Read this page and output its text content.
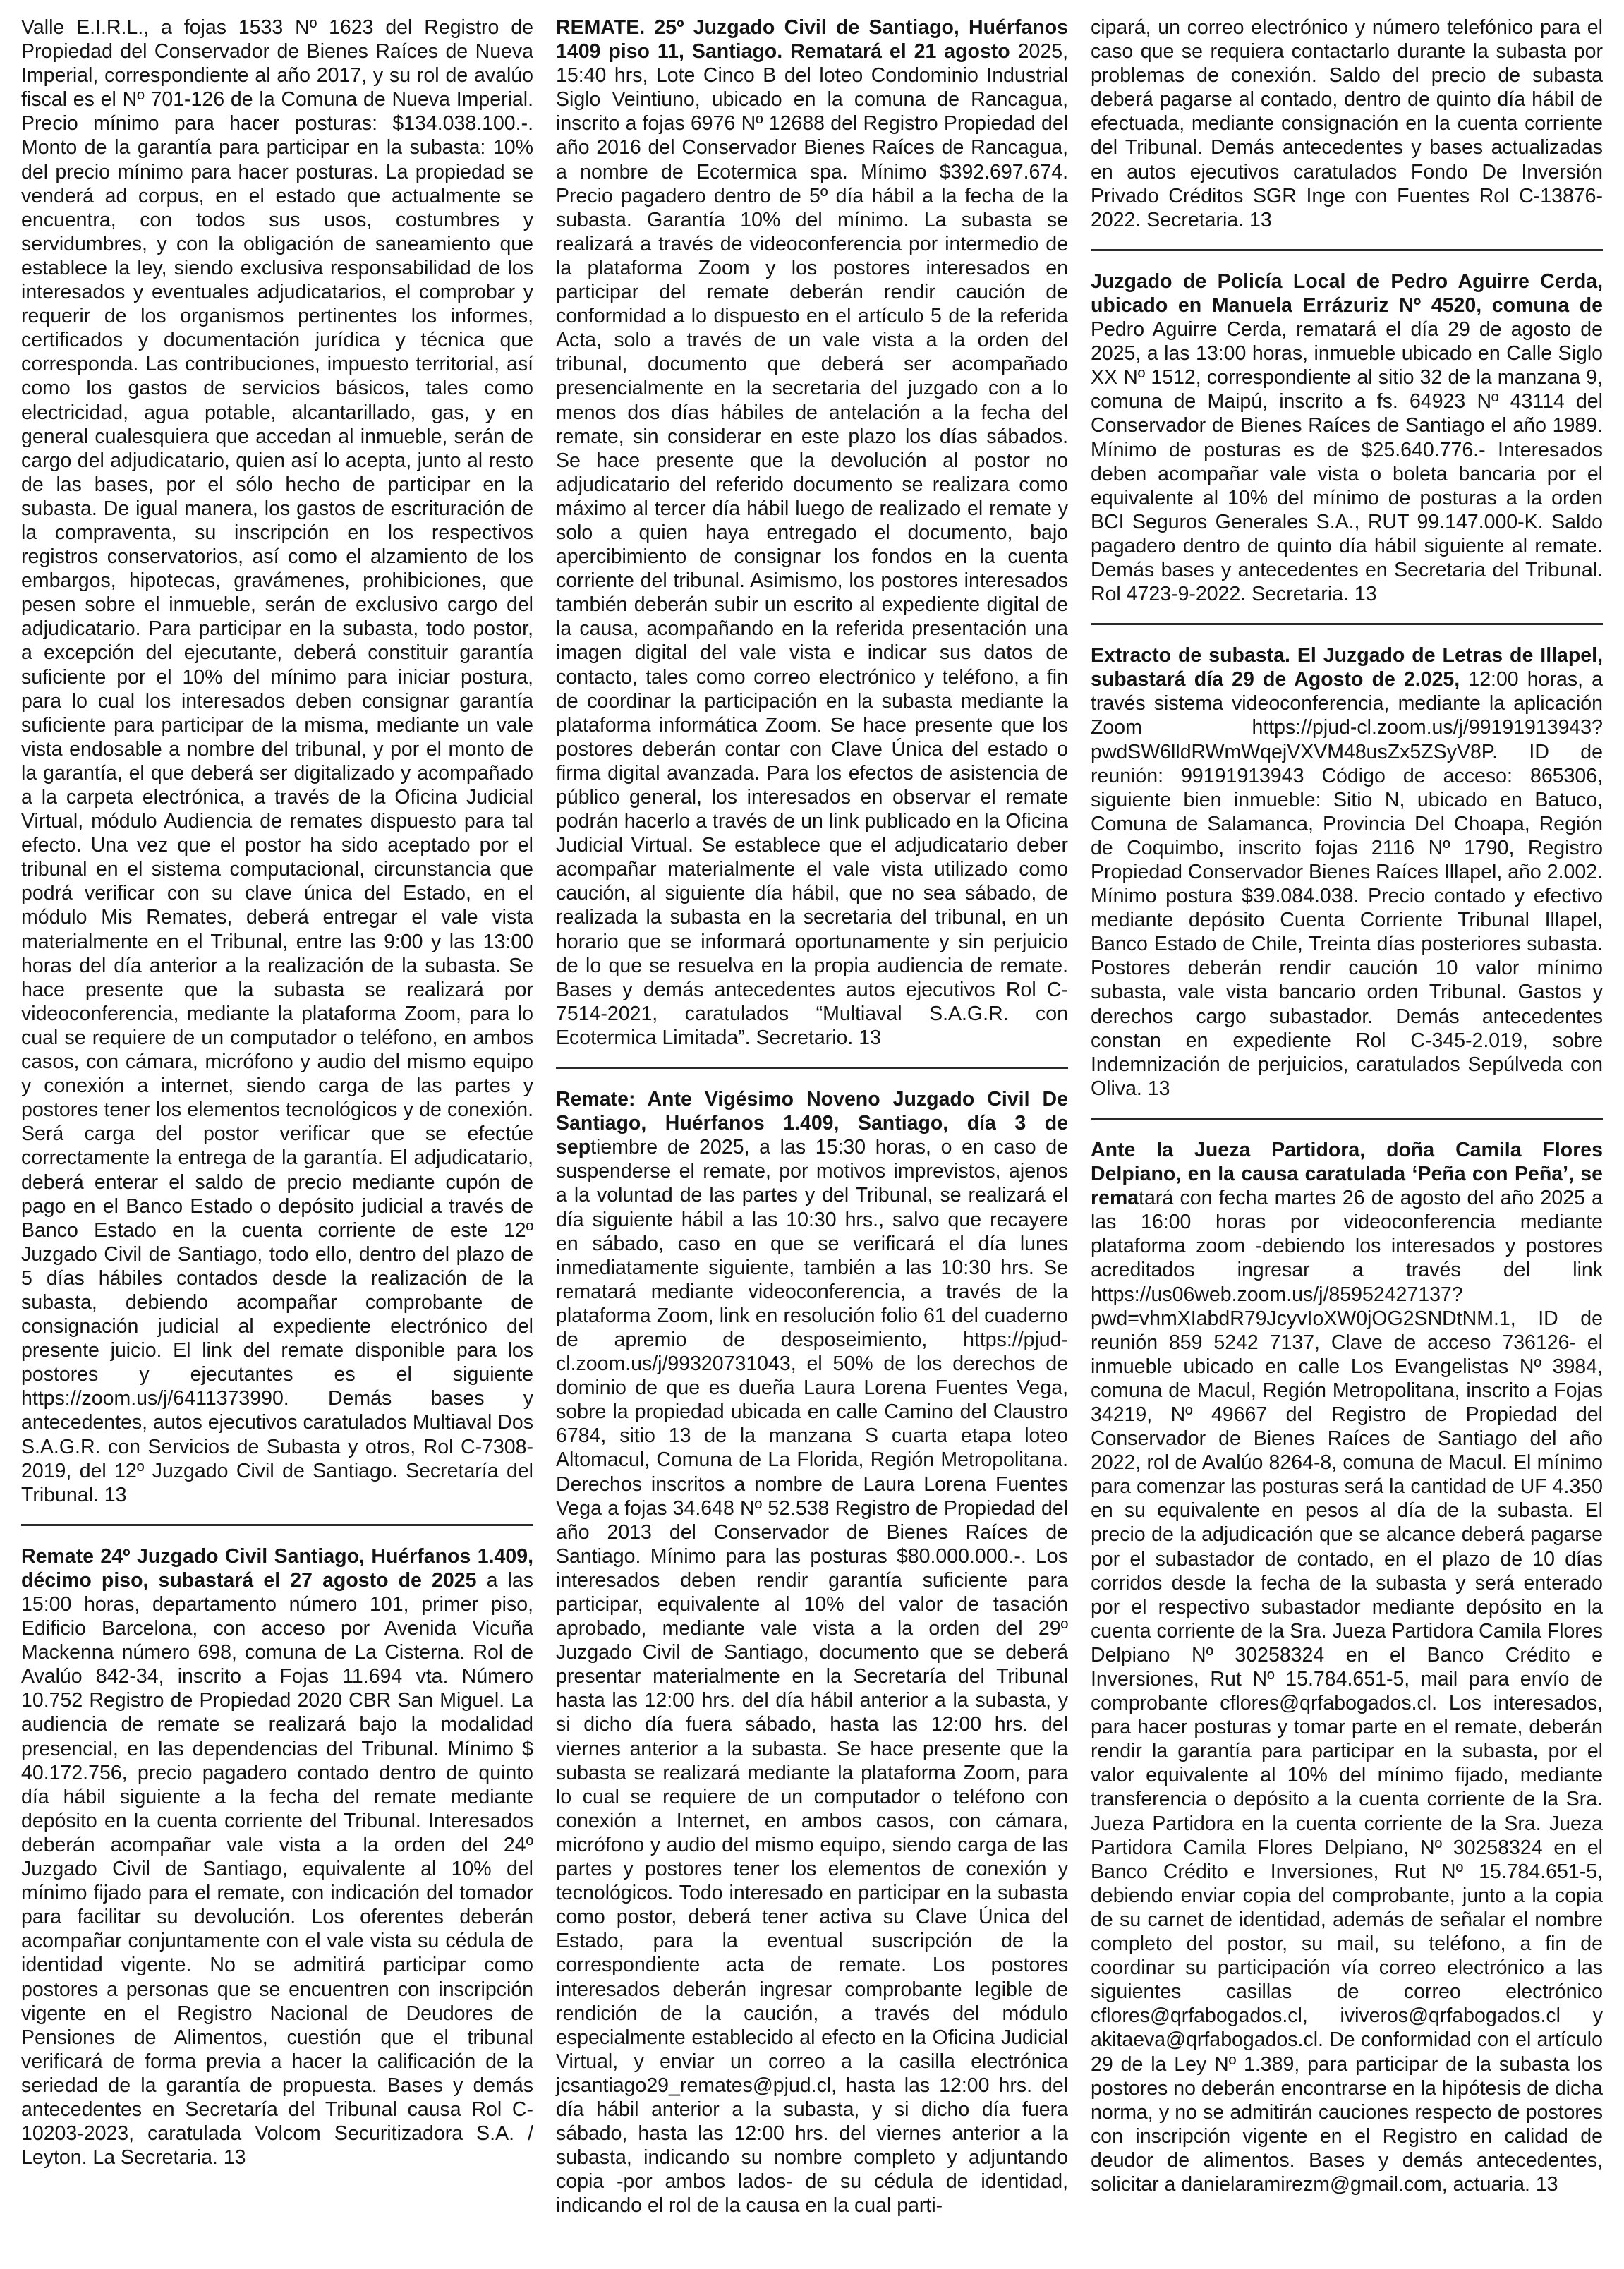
Valle E.I.R.L., a fojas 1533 Nº 1623 del Registro de Propiedad del Conservador de Bienes Raíces de Nueva Imperial, correspondiente al año 2017, y su rol de avalúo fiscal es el Nº 701-126 de la Comuna de Nueva Imperial. Precio mínimo para hacer posturas: $134.038.100.-. Monto de la garantía para participar en la subasta: 10% del precio mínimo para hacer posturas. La propiedad se venderá ad corpus, en el estado que actualmente se encuentra, con todos sus usos, costumbres y servidumbres, y con la obligación de saneamiento que establece la ley, siendo exclusiva responsabilidad de los interesados y eventuales adjudicatarios, el comprobar y requerir de los organismos pertinentes los informes, certificados y documentación jurídica y técnica que corresponda. Las contribuciones, impuesto territorial, así como los gastos de servicios básicos, tales como electricidad, agua potable, alcantarillado, gas, y en general cualesquiera que accedan al inmueble, serán de cargo del adjudicatario, quien así lo acepta, junto al resto de las bases, por el sólo hecho de participar en la subasta. De igual manera, los gastos de escrituración de la compraventa, su inscripción en los respectivos registros conservatorios, así como el alzamiento de los embargos, hipotecas, gravámenes, prohibiciones, que pesen sobre el inmueble, serán de exclusivo cargo del adjudicatario. Para participar en la subasta, todo postor, a excepción del ejecutante, deberá constituir garantía suficiente por el 10% del mínimo para iniciar postura, para lo cual los interesados deben consignar garantía suficiente para participar de la misma, mediante un vale vista endosable a nombre del tribunal, y por el monto de la garantía, el que deberá ser digitalizado y acompañado a la carpeta electrónica, a través de la Oficina Judicial Virtual, módulo Audiencia de remates dispuesto para tal efecto. Una vez que el postor ha sido aceptado por el tribunal en el sistema computacional, circunstancia que podrá verificar con su clave única del Estado, en el módulo Mis Remates, deberá entregar el vale vista materialmente en el Tribunal, entre las 9:00 y las 13:00 horas del día anterior a la realización de la subasta. Se hace presente que la subasta se realizará por videoconferencia, mediante la plataforma Zoom, para lo cual se requiere de un computador o teléfono, en ambos casos, con cámara, micrófono y audio del mismo equipo y conexión a internet, siendo carga de las partes y postores tener los elementos tecnológicos y de conexión. Será carga del postor verificar que se efectúe correctamente la entrega de la garantía. El adjudicatario, deberá enterar el saldo de precio mediante cupón de pago en el Banco Estado o depósito judicial a través de Banco Estado en la cuenta corriente de este 12º Juzgado Civil de Santiago, todo ello, dentro del plazo de 5 días hábiles contados desde la realización de la subasta, debiendo acompañar comprobante de consignación judicial al expediente electrónico del presente juicio. El link del remate disponible para los postores y ejecutantes es el siguiente https://zoom.us/j/6411373990. Demás bases y antecedentes, autos ejecutivos caratulados Multiaval Dos S.A.G.R. con Servicios de Subasta y otros, Rol C-7308-2019, del 12º Juzgado Civil de Santiago. Secretaría del Tribunal. 13

Remate 24º Juzgado Civil Santiago, Huérfanos 1.409, décimo piso, subastará el 27 agosto de 2025 a las 15:00 horas, departamento número 101, primer piso, Edificio Barcelona, con acceso por Avenida Vicuña Mackenna número 698, comuna de La Cisterna. Rol de Avalúo 842-34, inscrito a Fojas 11.694 vta. Número 10.752 Registro de Propiedad 2020 CBR San Miguel. La audiencia de remate se realizará bajo la modalidad presencial, en las dependencias del Tribunal. Mínimo $ 40.172.756, precio pagadero contado dentro de quinto día hábil siguiente a la fecha del remate mediante depósito en la cuenta corriente del Tribunal. Interesados deberán acompañar vale vista a la orden del 24º Juzgado Civil de Santiago, equivalente al 10% del mínimo fijado para el remate, con indicación del tomador para facilitar su devolución. Los oferentes deberán acompañar conjuntamente con el vale vista su cédula de identidad vigente. No se admitirá participar como postores a personas que se encuentren con inscripción vigente en el Registro Nacional de Deudores de Pensiones de Alimentos, cuestión que el tribunal verificará de forma previa a hacer la calificación de la seriedad de la garantía de propuesta. Bases y demás antecedentes en Secretaría del Tribunal causa Rol C-10203-2023, caratulada Volcom Securitizadora S.A. / Leyton. La Secretaria. 13

REMATE. 25º Juzgado Civil de Santiago, Huérfanos 1409 piso 11, Santiago. Rematará el 21 agosto 2025, 15:40 hrs, Lote Cinco B del loteo Condominio Industrial Siglo Veintiuno, ubicado en la comuna de Rancagua, inscrito a fojas 6976 Nº 12688 del Registro Propiedad del año 2016 del Conservador Bienes Raíces de Rancagua, a nombre de Ecotermica spa. Mínimo $392.697.674. Precio pagadero dentro de 5º día hábil a la fecha de la subasta. Garantía 10% del mínimo. La subasta se realizará a través de videoconferencia por intermedio de la plataforma Zoom y los postores interesados en participar del remate deberán rendir caución de conformidad a lo dispuesto en el artículo 5 de la referida Acta, solo a través de un vale vista a la orden del tribunal, documento que deberá ser acompañado presencialmente en la secretaria del juzgado con a lo menos dos días hábiles de antelación a la fecha del remate, sin considerar en este plazo los días sábados. Se hace presente que la devolución al postor no adjudicatario del referido documento se realizara como máximo al tercer día hábil luego de realizado el remate y solo a quien haya entregado el documento, bajo apercibimiento de consignar los fondos en la cuenta corriente del tribunal. Asimismo, los postores interesados también deberán subir un escrito al expediente digital de la causa, acompañando en la referida presentación una imagen digital del vale vista e indicar sus datos de contacto, tales como correo electrónico y teléfono, a fin de coordinar la participación en la subasta mediante la plataforma informática Zoom. Se hace presente que los postores deberán contar con Clave Única del estado o firma digital avanzada. Para los efectos de asistencia de público general, los interesados en observar el remate podrán hacerlo a través de un link publicado en la Oficina Judicial Virtual. Se establece que el adjudicatario deber acompañar materialmente el vale vista utilizado como caución, al siguiente día hábil, que no sea sábado, de realizada la subasta en la secretaria del tribunal, en un horario que se informará oportunamente y sin perjuicio de lo que se resuelva en la propia audiencia de remate. Bases y demás antecedentes autos ejecutivos Rol C-7514-2021, caratulados “Multiaval S.A.G.R. con Ecotermica Limitada”. Secretario. 13

Remate: Ante Vigésimo Noveno Juzgado Civil De Santiago, Huérfanos 1.409, Santiago, día 3 de septiembre de 2025, a las 15:30 horas, o en caso de suspenderse el remate, por motivos imprevistos, ajenos a la voluntad de las partes y del Tribunal, se realizará el día siguiente hábil a las 10:30 hrs., salvo que recayere en sábado, caso en que se verificará el día lunes inmediatamente siguiente, también a las 10:30 hrs. Se rematará mediante videoconferencia, a través de la plataforma Zoom, link en resolución folio 61 del cuaderno de apremio de desposeimiento, https://pjud-cl.zoom.us/j/99320731043, el 50% de los derechos de dominio de que es dueña Laura Lorena Fuentes Vega, sobre la propiedad ubicada en calle Camino del Claustro 6784, sitio 13 de la manzana S cuarta etapa loteo Altomacul, Comuna de La Florida, Región Metropolitana. Derechos inscritos a nombre de Laura Lorena Fuentes Vega a fojas 34.648 Nº 52.538 Registro de Propiedad del año 2013 del Conservador de Bienes Raíces de Santiago. Mínimo para las posturas $80.000.000.-. Los interesados deben rendir garantía suficiente para participar, equivalente al 10% del valor de tasación aprobado, mediante vale vista a la orden del 29º Juzgado Civil de Santiago, documento que se deberá presentar materialmente en la Secretaría del Tribunal hasta las 12:00 hrs. del día hábil anterior a la subasta, y si dicho día fuera sábado, hasta las 12:00 hrs. del viernes anterior a la subasta. Se hace presente que la subasta se realizará mediante la plataforma Zoom, para lo cual se requiere de un computador o teléfono con conexión a Internet, en ambos casos, con cámara, micrófono y audio del mismo equipo, siendo carga de las partes y postores tener los elementos de conexión y tecnológicos. Todo interesado en participar en la subasta como postor, deberá tener activa su Clave Única del Estado, para la eventual suscripción de la correspondiente acta de remate. Los postores interesados deberán ingresar comprobante legible de rendición de la caución, a través del módulo especialmente establecido al efecto en la Oficina Judicial Virtual, y enviar un correo a la casilla electrónica jcsantiago29_remates@pjud.cl, hasta las 12:00 hrs. del día hábil anterior a la subasta, y si dicho día fuera sábado, hasta las 12:00 hrs. del viernes anterior a la subasta, indicando su nombre completo y adjuntando copia -por ambos lados- de su cédula de identidad, indicando el rol de la causa en la cual parti-

cipará, un correo electrónico y número telefónico para el caso que se requiera contactarlo durante la subasta por problemas de conexión. Saldo del precio de subasta deberá pagarse al contado, dentro de quinto día hábil de efectuada, mediante consignación en la cuenta corriente del Tribunal. Demás antecedentes y bases actualizadas en autos ejecutivos caratulados Fondo De Inversión Privado Créditos SGR Inge con Fuentes Rol C-13876-2022. Secretaria. 13

Juzgado de Policía Local de Pedro Aguirre Cerda, ubicado en Manuela Errázuriz Nº 4520, comuna de Pedro Aguirre Cerda, rematará el día 29 de agosto de 2025, a las 13:00 horas, inmueble ubicado en Calle Siglo XX Nº 1512, correspondiente al sitio 32 de la manzana 9, comuna de Maipú, inscrito a fs. 64923 Nº 43114 del Conservador de Bienes Raíces de Santiago el año 1989. Mínimo de posturas es de $25.640.776.- Interesados deben acompañar vale vista o boleta bancaria por el equivalente al 10% del mínimo de posturas a la orden BCI Seguros Generales S.A., RUT 99.147.000-K. Saldo pagadero dentro de quinto día hábil siguiente al remate. Demás bases y antecedentes en Secretaria del Tribunal. Rol 4723-9-2022. Secretaria. 13

Extracto de subasta. El Juzgado de Letras de Illapel, subastará día 29 de Agosto de 2.025, 12:00 horas, a través sistema videoconferencia, mediante la aplicación Zoom https://pjud-cl.zoom.us/j/99191913943?pwdSW6lldRWmWqejVXVM48usZx5ZSyV8P. ID de reunión: 99191913943 Código de acceso: 865306, siguiente bien inmueble: Sitio N, ubicado en Batuco, Comuna de Salamanca, Provincia Del Choapa, Región de Coquimbo, inscrito fojas 2116 Nº 1790, Registro Propiedad Conservador Bienes Raíces Illapel, año 2.002. Mínimo postura $39.084.038. Precio contado y efectivo mediante depósito Cuenta Corriente Tribunal Illapel, Banco Estado de Chile, Treinta días posteriores subasta. Postores deberán rendir caución 10 valor mínimo subasta, vale vista bancario orden Tribunal. Gastos y derechos cargo subastador. Demás antecedentes constan en expediente Rol C-345-2.019, sobre Indemnización de perjuicios, caratulados Sepúlveda con Oliva. 13

Ante la Jueza Partidora, doña Camila Flores Delpiano, en la causa caratulada ‘Peña con Peña’, se rematará con fecha martes 26 de agosto del año 2025 a las 16:00 horas por videoconferencia mediante plataforma zoom -debiendo los interesados y postores acreditados ingresar a través del link https://us06web.zoom.us/j/85952427137?pwd=vhmXIabdR79JcyvIoXW0jOG2SNDtNM.1, ID de reunión 859 5242 7137, Clave de acceso 736126- el inmueble ubicado en calle Los Evangelistas Nº 3984, comuna de Macul, Región Metropolitana, inscrito a Fojas 34219, Nº 49667 del Registro de Propiedad del Conservador de Bienes Raíces de Santiago del año 2022, rol de Avalúo 8264-8, comuna de Macul. El mínimo para comenzar las posturas será la cantidad de UF 4.350 en su equivalente en pesos al día de la subasta. El precio de la adjudicación que se alcance deberá pagarse por el subastador de contado, en el plazo de 10 días corridos desde la fecha de la subasta y será enterado por el respectivo subastador mediante depósito en la cuenta corriente de la Sra. Jueza Partidora Camila Flores Delpiano Nº 30258324 en el Banco Crédito e Inversiones, Rut Nº 15.784.651-5, mail para envío de comprobante cflores@qrfabogados.cl. Los interesados, para hacer posturas y tomar parte en el remate, deberán rendir la garantía para participar en la subasta, por el valor equivalente al 10% del mínimo fijado, mediante transferencia o depósito a la cuenta corriente de la Sra. Jueza Partidora en la cuenta corriente de la Sra. Jueza Partidora Camila Flores Delpiano, Nº 30258324 en el Banco Crédito e Inversiones, Rut Nº 15.784.651-5, debiendo enviar copia del comprobante, junto a la copia de su carnet de identidad, además de señalar el nombre completo del postor, su mail, su teléfono, a fin de coordinar su participación vía correo electrónico a las siguientes casillas de correo electrónico cflores@qrfabogados.cl, iviveros@qrfabogados.cl y akitaeva@qrfabogados.cl. De conformidad con el artículo 29 de la Ley Nº 1.389, para participar de la subasta los postores no deberán encontrarse en la hipótesis de dicha norma, y no se admitirán cauciones respecto de postores con inscripción vigente en el Registro en calidad de deudor de alimentos. Bases y demás antecedentes, solicitar a danielaramirezm@gmail.com, actuaria. 13
